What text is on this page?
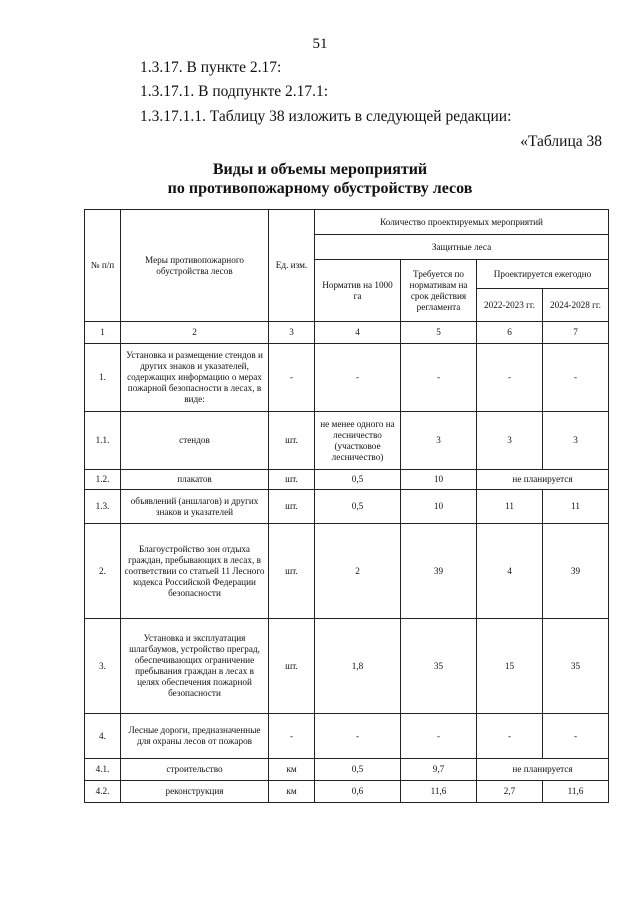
51
1.3.17. В пункте 2.17:
1.3.17.1. В подпункте 2.17.1:
1.3.17.1.1. Таблицу 38 изложить в следующей редакции:
«Таблица 38
Виды и объемы мероприятий
по противопожарному обустройству лесов
№ п/п	Меры противопожарного обустройства лесов	Ед. изм.	Количество проектируемых мероприятий			
			Защитные леса			
			Норматив на 1000 га	Требуется по нормативам на срок действия регламента	Проектируется ежегодно	
					2022-2023 гг.	2024-2028 гг.
1	2	3	4	5	6	7
1.	Установка и размещение стендов и других знаков и указателей, содержащих информацию о мерах пожарной безопасности в лесах, в виде:	-	-	-	-	-
1.1.	стендов	шт.	не менее одного на лесничество (участковое лесничество)	3	3	3
1.2.	плакатов	шт.	0,5	10	не планируется	
1.3.	объявлений (аншлагов) и других знаков и указателей	шт.	0,5	10	11	11
2.	Благоустройство зон отдыха граждан, пребывающих в лесах, в соответствии со статьей 11 Лесного кодекса Российской Федерации безопасности	шт.	2	39	4	39
3.	Установка и эксплуатация шлагбаумов, устройство преград, обеспечивающих ограничение пребывания граждан в лесах в целях обеспечения пожарной безопасности	шт.	1,8	35	15	35
4.	Лесные дороги, предназначенные для охраны лесов от пожаров	-	-	-	-	-
4.1.	строительство	км	0,5	9,7	не планируется	
4.2.	реконструкция	км	0,6	11,6	2,7	11,6
